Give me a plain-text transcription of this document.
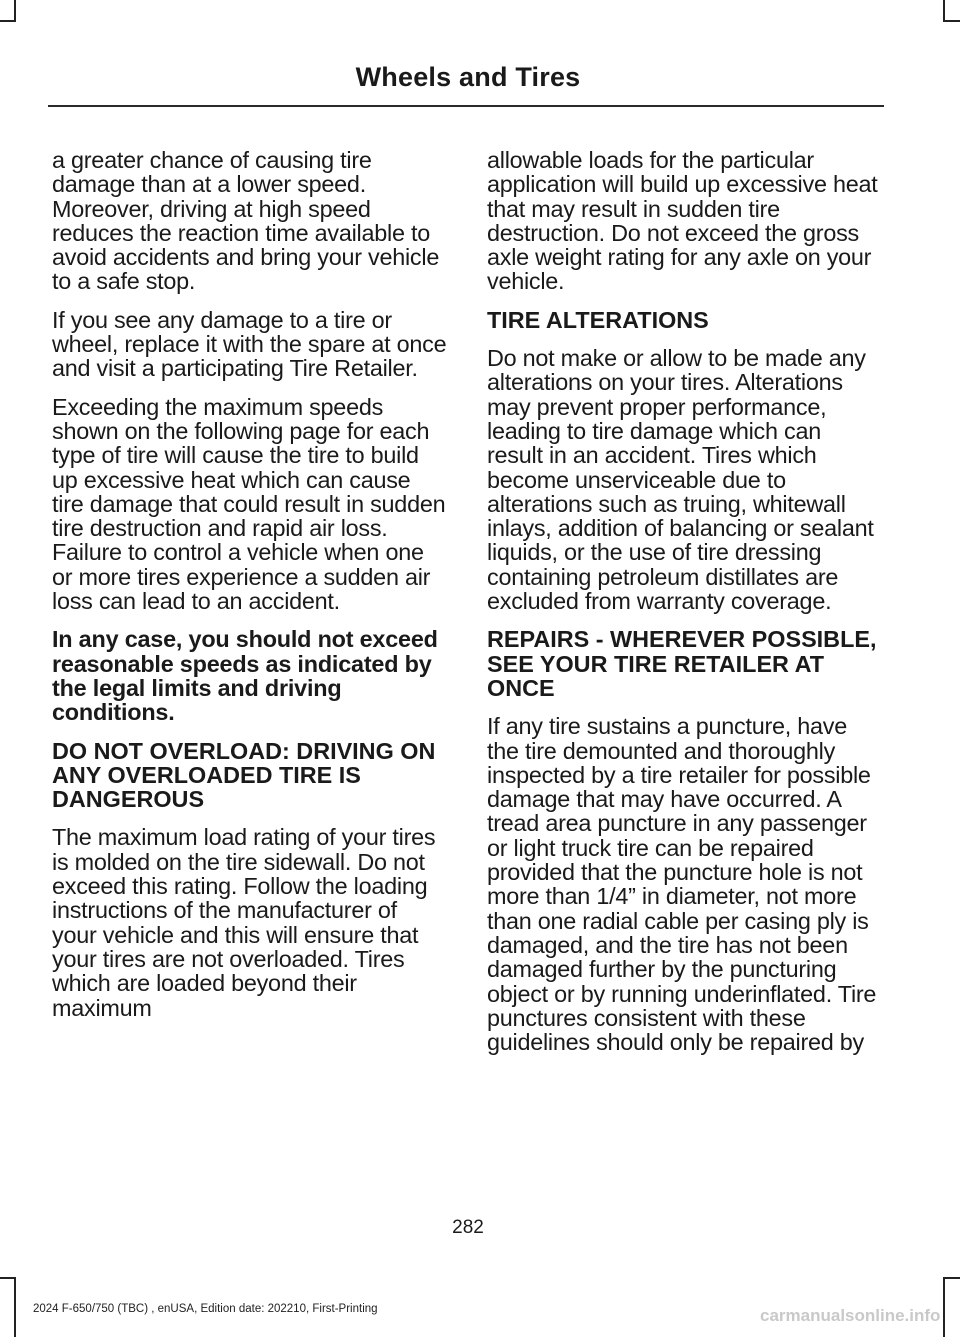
Wheels and Tires

a greater chance of causing tire damage than at a lower speed. Moreover, driving at high speed reduces the reaction time available to avoid accidents and bring your vehicle to a safe stop.

If you see any damage to a tire or wheel, replace it with the spare at once and visit a participating Tire Retailer.

Exceeding the maximum speeds shown on the following page for each type of tire will cause the tire to build up excessive heat which can cause tire damage that could result in sudden tire destruction and rapid air loss. Failure to control a vehicle when one or more tires experience a sudden air loss can lead to an accident.

In any case, you should not exceed reasonable speeds as indicated by the legal limits and driving conditions.

DO NOT OVERLOAD: DRIVING ON ANY OVERLOADED TIRE IS DANGEROUS

The maximum load rating of your tires is molded on the tire sidewall. Do not exceed this rating. Follow the loading instructions of the manufacturer of your vehicle and this will ensure that your tires are not overloaded. Tires which are loaded beyond their maximum

allowable loads for the particular application will build up excessive heat that may result in sudden tire destruction. Do not exceed the gross axle weight rating for any axle on your vehicle.

TIRE ALTERATIONS

Do not make or allow to be made any alterations on your tires. Alterations may prevent proper performance, leading to tire damage which can result in an accident. Tires which become unserviceable due to alterations such as truing, whitewall inlays, addition of balancing or sealant liquids, or the use of tire dressing containing petroleum distillates are excluded from warranty coverage.

REPAIRS - WHEREVER POSSIBLE, SEE YOUR TIRE RETAILER AT ONCE

If any tire sustains a puncture, have the tire demounted and thoroughly inspected by a tire retailer for possible damage that may have occurred. A tread area puncture in any passenger or light truck tire can be repaired provided that the puncture hole is not more than 1/4” in diameter, not more than one radial cable per casing ply is damaged, and the tire has not been damaged further by the puncturing object or by running underinflated. Tire punctures consistent with these guidelines should only be repaired by

282
2024 F-650/750 (TBC) , enUSA, Edition date: 202210, First-Printing	carmanualsonline.info
